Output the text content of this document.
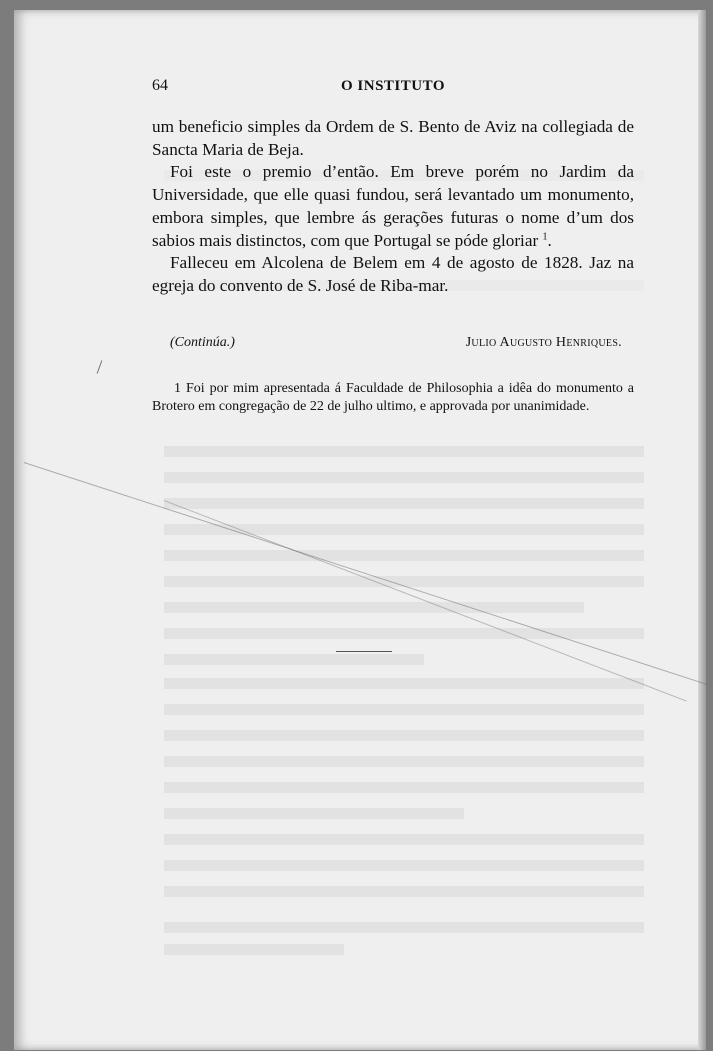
64	O INSTITUTO

um beneficio simples da Ordem de S. Bento de Aviz na collegiada de Sancta Maria de Beja.

Foi este o premio d’então. Em breve porém no Jardim da Universidade, que elle quasi fundou, será levantado um monumento, embora simples, que lembre ás gerações futuras o nome d’um dos sabios mais distinctos, com que Portugal se póde gloriar $^1$.

Falleceu em Alcolena de Belem em 4 de agosto de 1828. Jaz na egreja do convento de S. José de Riba-mar.

(Continúa.)	Julio Augusto Henriques.

1 Foi por mim apresentada á Faculdade de Philosophia a idêa do monumento a Brotero em congregação de 22 de julho ultimo, e approvada por unanimidade.
